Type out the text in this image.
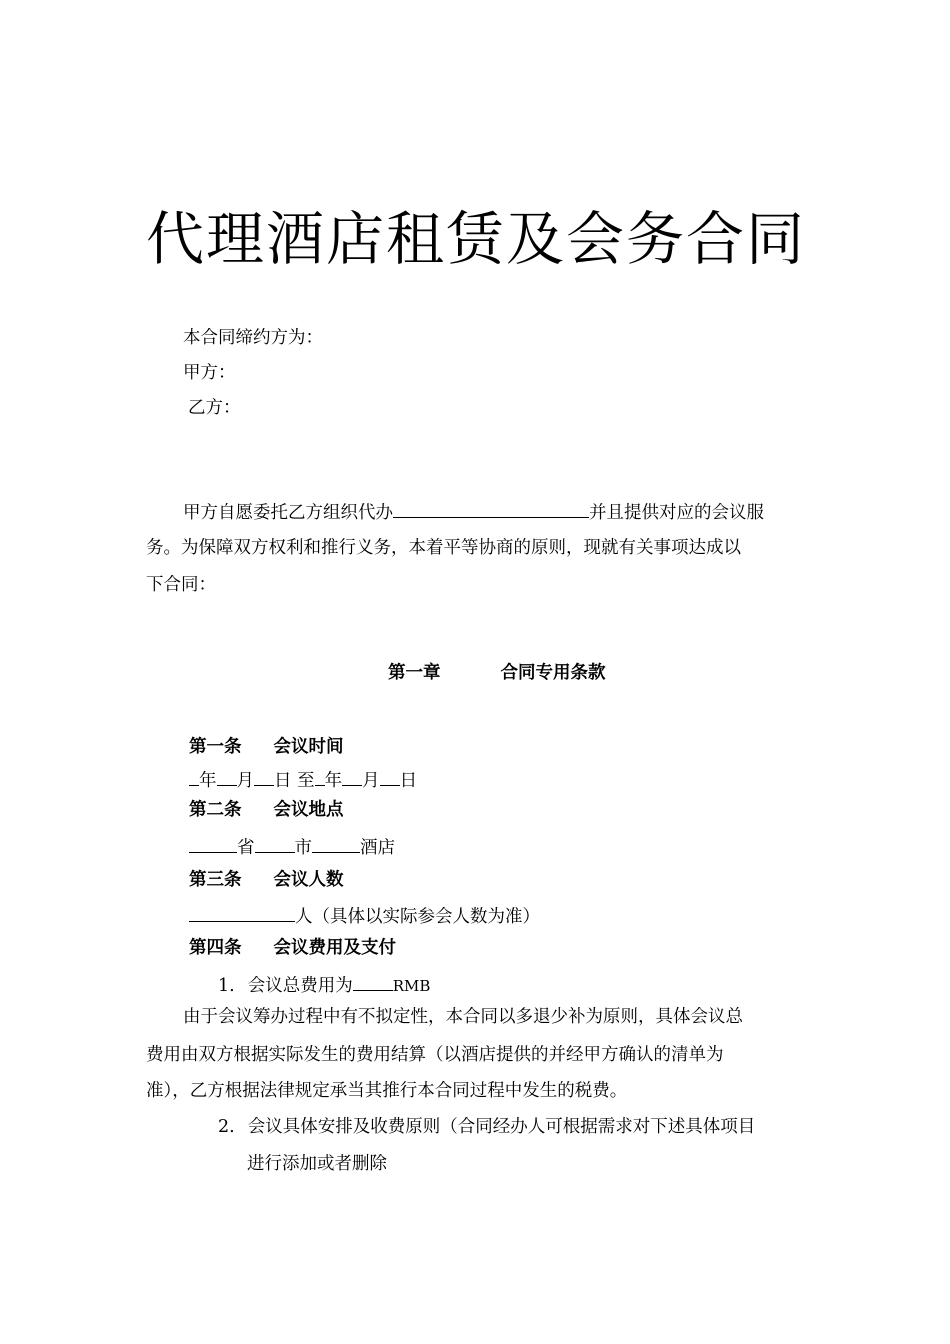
代理酒店租赁及会务合同
本合同缔约方为：
甲方：
乙方：
甲方自愿委托乙方组织代办	并且提供对应的会议服
务。为保障双方权利和推行义务，本着平等协商的原则，现就有关事项达成以
下合同：
第一章	合同专用条款
第一条 会议时间
年 月 日 至 年 月 日
第二条 会议地点
省 市	酒店
第三条 会议人数
人（具体以实际参会人数为准）
第四条 会议费用及支付
1. 会议总费用为	RMB
由于会议筹办过程中有不拟定性，本合同以多退少补为原则，具体会议总
费用由双方根据实际发生的费用结算（以酒店提供的并经甲方确认的清单为
准），乙方根据法律规定承当其推行本合同过程中发生的税费。
2. 会议具体安排及收费原则（合同经办人可根据需求对下述具体项目
进行添加或者删除
